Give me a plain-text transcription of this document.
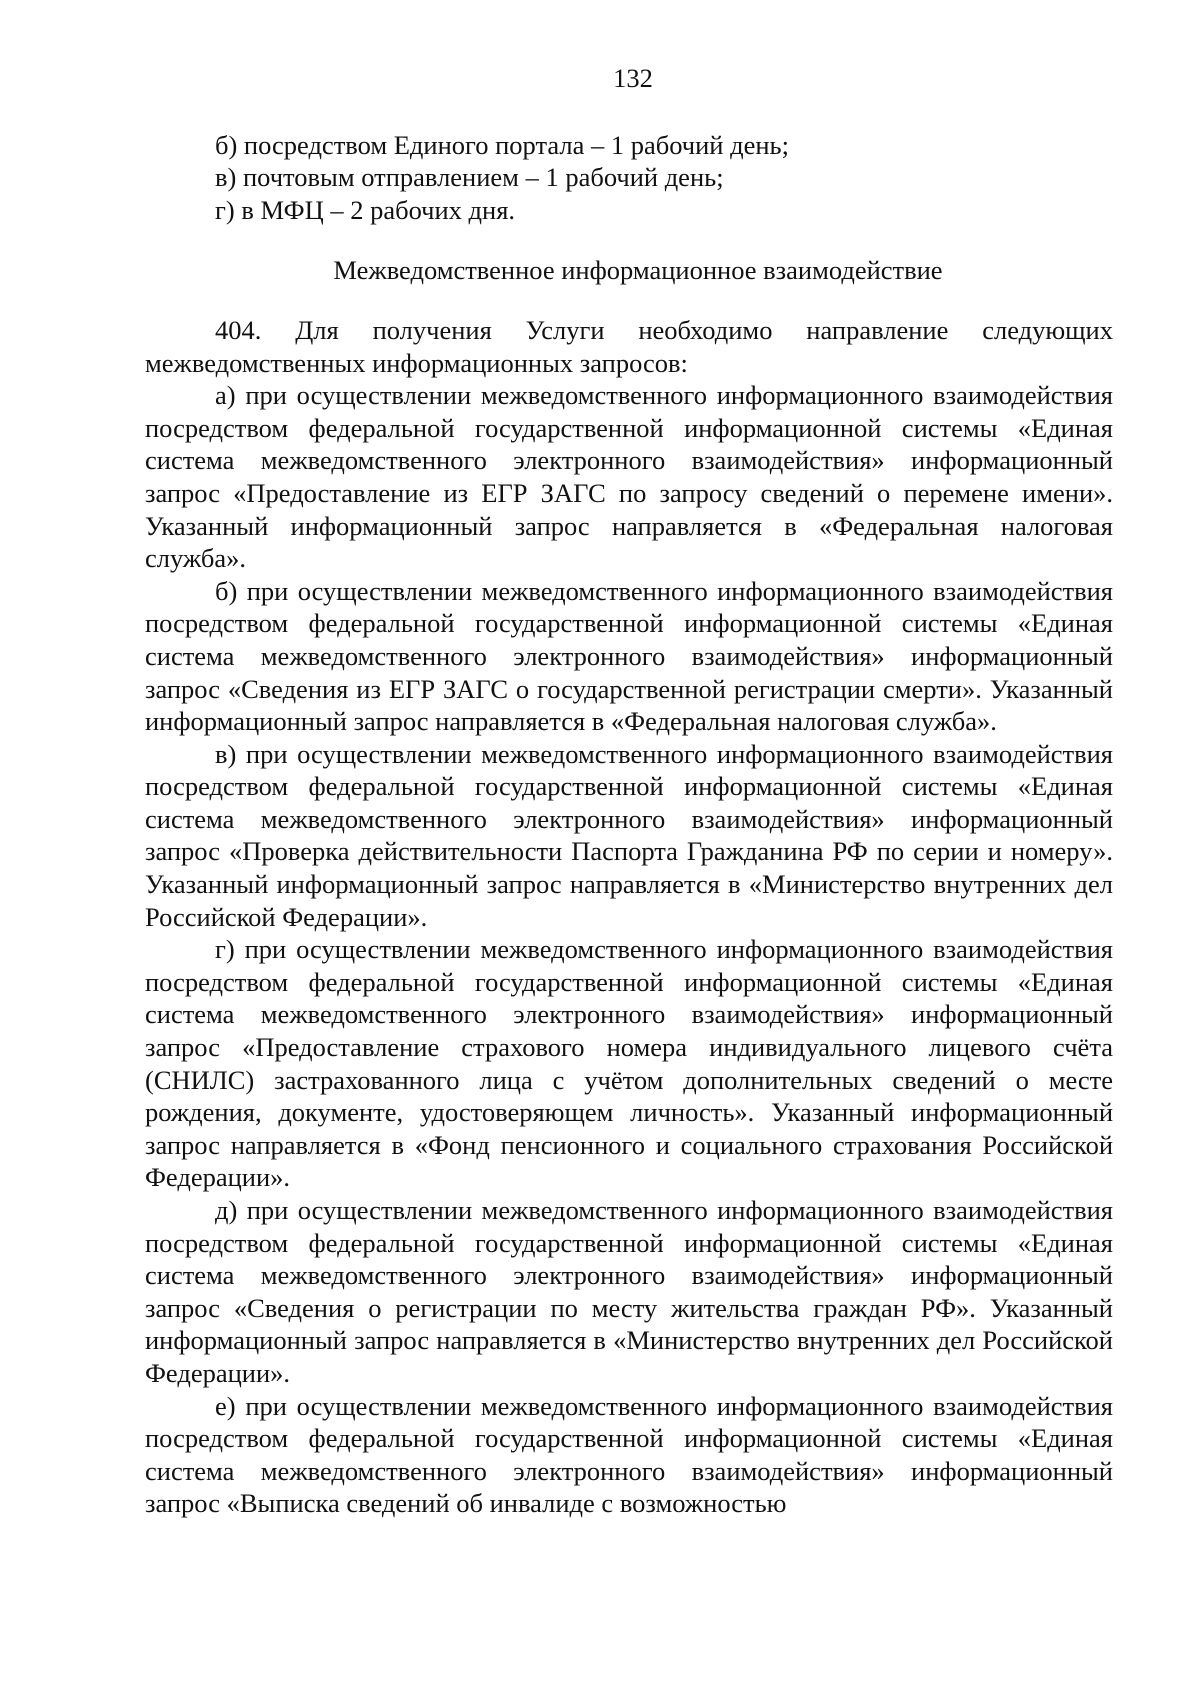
132

б) посредством Единого портала – 1 рабочий день;

в) почтовым отправлением – 1 рабочий день;

г) в МФЦ – 2 рабочих дня.

Межведомственное информационное взаимодействие

404. Для получения Услуги необходимо направление следующих межведомственных информационных запросов:

а) при осуществлении межведомственного информационного взаимодействия посредством федеральной государственной информационной системы «Единая система межведомственного электронного взаимодействия» информационный запрос «Предоставление из ЕГР ЗАГС по запросу сведений о перемене имени». Указанный информационный запрос направляется в «Федеральная налоговая служба».

б) при осуществлении межведомственного информационного взаимодействия посредством федеральной государственной информационной системы «Единая система межведомственного электронного взаимодействия» информационный запрос «Сведения из ЕГР ЗАГС о государственной регистрации смерти». Указанный информационный запрос направляется в «Федеральная налоговая служба».

в) при осуществлении межведомственного информационного взаимодействия посредством федеральной государственной информационной системы «Единая система межведомственного электронного взаимодействия» информационный запрос «Проверка действительности Паспорта Гражданина РФ по серии и номеру». Указанный информационный запрос направляется в «Министерство внутренних дел Российской Федерации».

г) при осуществлении межведомственного информационного взаимодействия посредством федеральной государственной информационной системы «Единая система межведомственного электронного взаимодействия» информационный запрос «Предоставление страхового номера индивидуального лицевого счёта (СНИЛС) застрахованного лица с учётом дополнительных сведений о месте рождения, документе, удостоверяющем личность». Указанный информационный запрос направляется в «Фонд пенсионного и социального страхования Российской Федерации».

д) при осуществлении межведомственного информационного взаимодействия посредством федеральной государственной информационной системы «Единая система межведомственного электронного взаимодействия» информационный запрос «Сведения о регистрации по месту жительства граждан РФ». Указанный информационный запрос направляется в «Министерство внутренних дел Российской Федерации».

е) при осуществлении межведомственного информационного взаимодействия посредством федеральной государственной информационной системы «Единая система межведомственного электронного взаимодействия» информационный запрос «Выписка сведений об инвалиде с возможностью
